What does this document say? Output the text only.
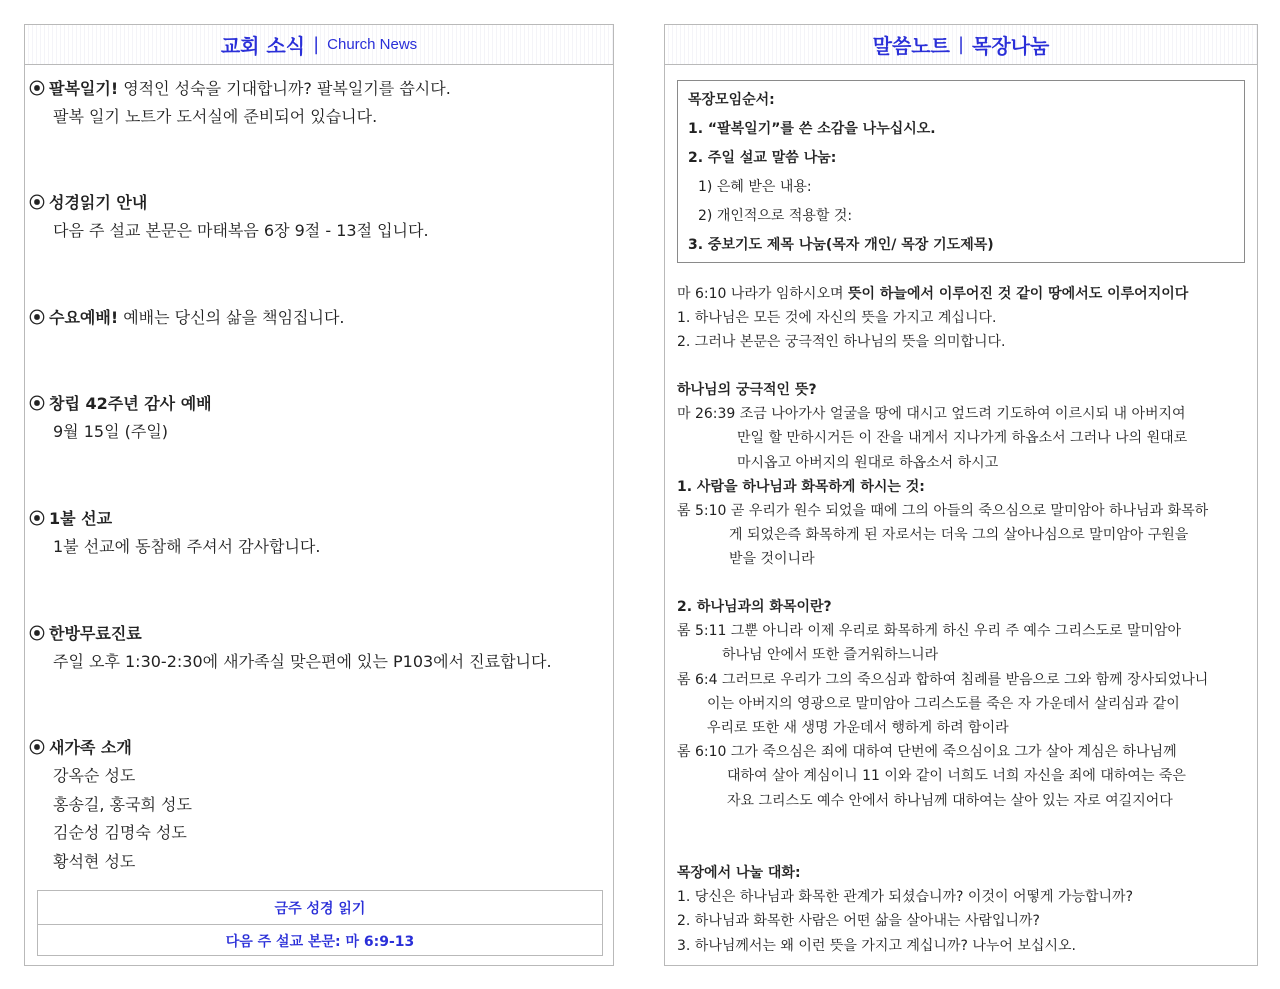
교회 소식 | Church News
⦿ 팔복일기! 영적인 성숙을 기대합니까? 팔복일기를 씁시다.
팔복 일기 노트가 도서실에 준비되어 있습니다.
⦿ 성경읽기 안내
다음 주 설교 본문은 마태복음 6장 9절 - 13절 입니다.
⦿ 수요예배! 예배는 당신의 삶을 책임집니다.
⦿ 창립 42주년 감사 예배
9월 15일 (주일)
⦿ 1불 선교
1불 선교에 동참해 주셔서 감사합니다.
⦿ 한방무료진료
주일 오후 1:30-2:30에 새가족실 맞은편에 있는 P103에서 진료합니다.
⦿ 새가족 소개
강옥순 성도
홍송길, 홍국희 성도
김순성 김명숙 성도
황석현 성도
금주 성경 읽기
다음 주 설교 본문: 마 6:9-13
말씀노트 | 목장나눔
목장모임순서:
1. “팔복일기”를 쓴 소감을 나누십시오.
2. 주일 설교 말씀 나눔:
1) 은혜 받은 내용:
2) 개인적으로 적용할 것:
3. 중보기도 제목 나눔(목자 개인/ 목장 기도제목)
마 6:10 나라가 임하시오며 뜻이 하늘에서 이루어진 것 같이 땅에서도 이루어지이다
1. 하나님은 모든 것에 자신의 뜻을 가지고 계십니다.
2. 그러나 본문은 궁극적인 하나님의 뜻을 의미합니다.
하나님의 궁극적인 뜻?
마 26:39 조금 나아가사 얼굴을 땅에 대시고 엎드려 기도하여 이르시되 내 아버지여
만일 할 만하시거든 이 잔을 내게서 지나가게 하옵소서 그러나 나의 원대로
마시옵고 아버지의 원대로 하옵소서 하시고
1. 사람을 하나님과 화목하게 하시는 것:
롬 5:10 곧 우리가 원수 되었을 때에 그의 아들의 죽으심으로 말미암아 하나님과 화목하
게 되었은즉 화목하게 된 자로서는 더욱 그의 살아나심으로 말미암아 구원을
받을 것이니라
2. 하나님과의 화목이란?
롬 5:11 그뿐 아니라 이제 우리로 화목하게 하신 우리 주 예수 그리스도로 말미암아
하나님 안에서 또한 즐거워하느니라
롬 6:4 그러므로 우리가 그의 죽으심과 합하여 침례를 받음으로 그와 함께 장사되었나니
이는 아버지의 영광으로 말미암아 그리스도를 죽은 자 가운데서 살리심과 같이
우리로 또한 새 생명 가운데서 행하게 하려 함이라
롬 6:10 그가 죽으심은 죄에 대하여 단번에 죽으심이요 그가 살아 계심은 하나님께
대하여 살아 계심이니 11 이와 같이 너희도 너희 자신을 죄에 대하여는 죽은
자요 그리스도 예수 안에서 하나님께 대하여는 살아 있는 자로 여길지어다
목장에서 나눌 대화:
1. 당신은 하나님과 화목한 관계가 되셨습니까? 이것이 어떻게 가능합니까?
2. 하나님과 화목한 사람은 어떤 삶을 살아내는 사람입니까?
3. 하나님께서는 왜 이런 뜻을 가지고 계십니까? 나누어 보십시오.
